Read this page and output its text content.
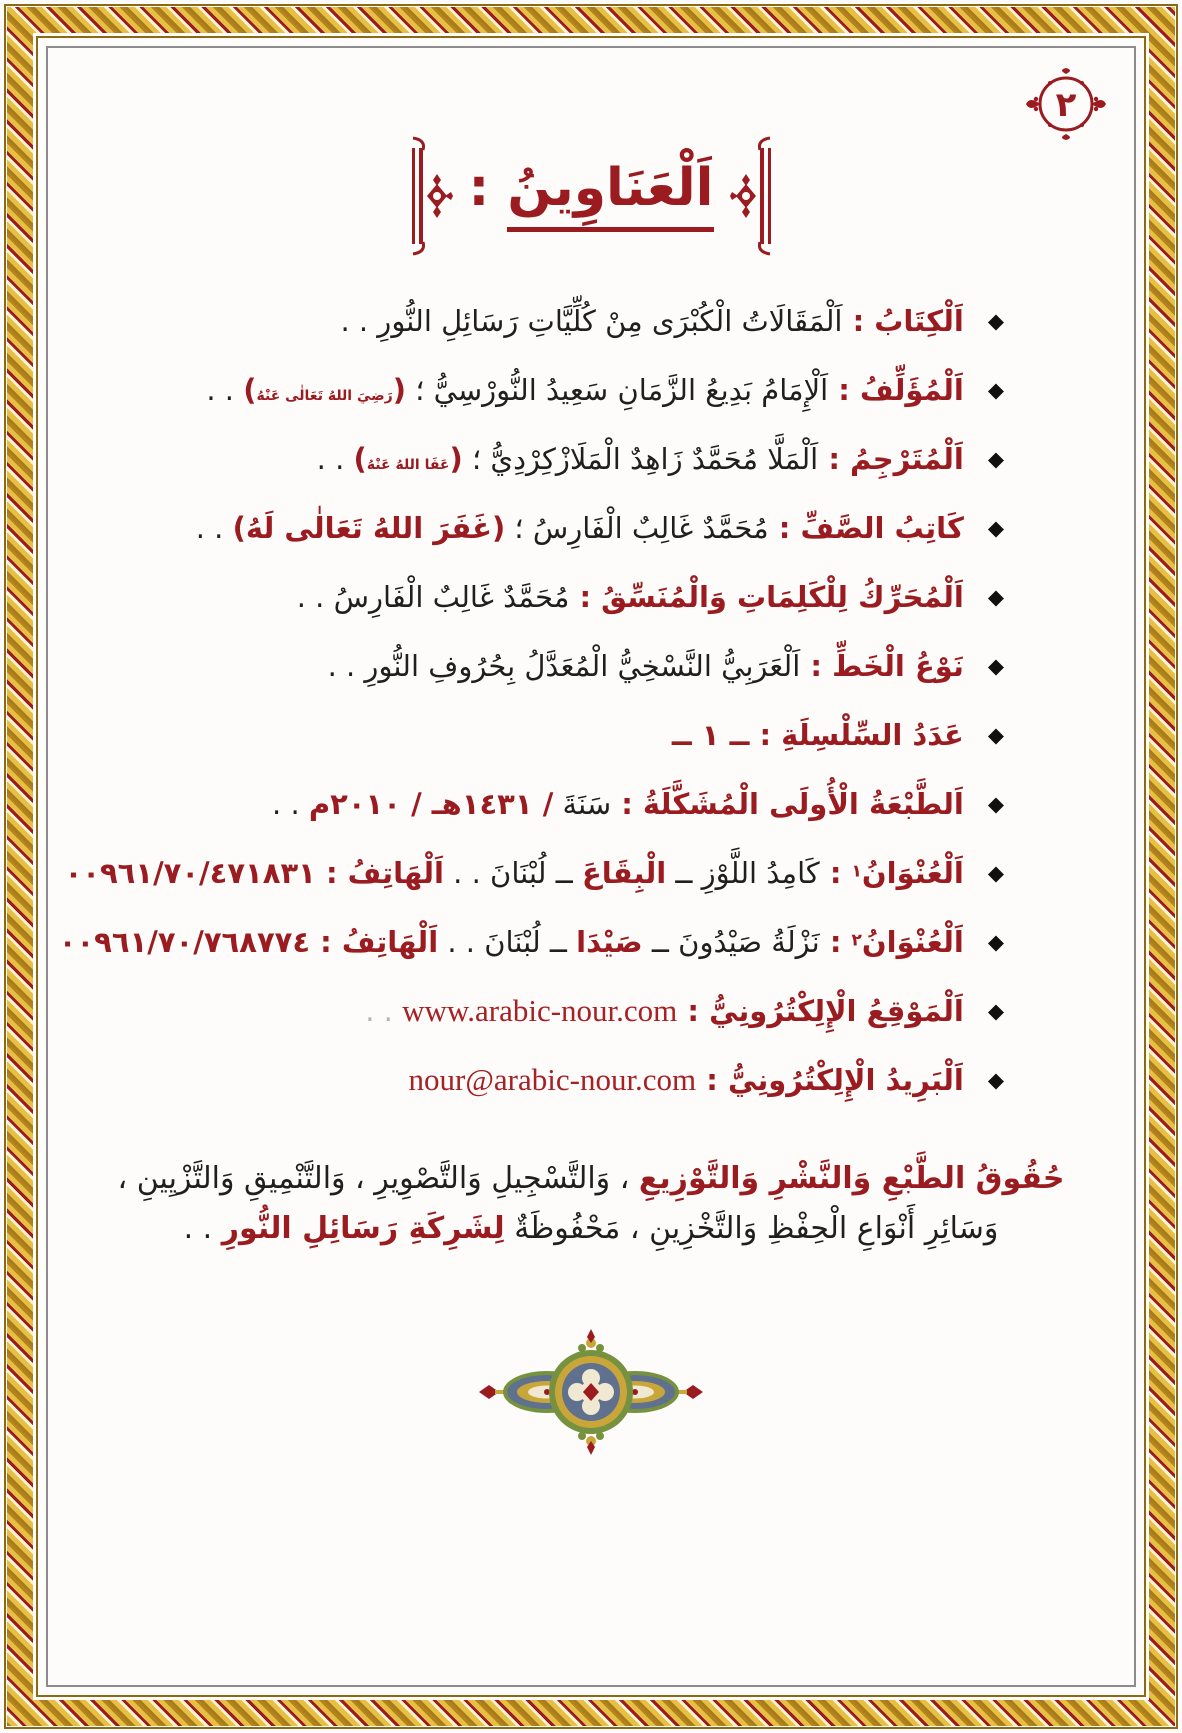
٢
اَلْعَنَاوِينُ :
◆
اَلْكِتَابُ : اَلْمَقَالَاتُ الْكُبْرَى مِنْ كُلِّيَّاتِ رَسَائِلِ النُّورِ . .
◆
اَلْمُؤَلِّفُ : اَلْإِمَامُ بَدِيعُ الزَّمَانِ سَعِيدُ النُّورْسِيُّ ؛ (رَضِيَ اللهُ تَعَالٰى عَنْهُ) . .
◆
اَلْمُتَرْجِمُ : اَلْمَلَّا مُحَمَّدٌ زَاهِدٌ الْمَلَازْكِرْدِيُّ ؛ (عَفَا اللهُ عَنْهُ) . .
◆
كَاتِبُ الصَّفِّ : مُحَمَّدٌ غَالِبٌ الْفَارِسُ ؛ (غَفَرَ اللهُ تَعَالٰى لَهُ) . .
◆
اَلْمُحَرِّكُ لِلْكَلِمَاتِ وَالْمُنَسِّقُ : مُحَمَّدٌ غَالِبٌ الْفَارِسُ . .
◆
نَوْعُ الْخَطِّ : اَلْعَرَبِيُّ النَّسْخِيُّ الْمُعَدَّلُ بِحُرُوفِ النُّورِ . .
◆
عَدَدُ السِّلْسِلَةِ : ــ ١ ــ
◆
اَلطَّبْعَةُ الْأُولَى الْمُشَكَّلَةُ : سَنَةَ / ١٤٣١هـ / ٢٠١٠م . .
◆
اَلْعُنْوَانُ١ : كَامِدُ اللَّوْزِ ــ الْبِقَاعَ ــ لُبْنَانَ . . اَلْهَاتِفُ : ٠٠٩٦١/٧٠/٤٧١٨٣١
◆
اَلْعُنْوَانُ٢ : نَزْلَةُ صَيْدُونَ ــ صَيْدَا ــ لُبْنَانَ . . اَلْهَاتِفُ : ٠٠٩٦١/٧٠/٧٦٨٧٧٤
◆
اَلْمَوْقِعُ الْإِلِكْتُرُونِيُّ : www.arabic-nour.com . .
◆
اَلْبَرِيدُ الْإِلِكْتُرُونِيُّ : nour@arabic-nour.com
حُقُوقُ الطَّبْعِ وَالنَّشْرِ وَالتَّوْزِيعِ ، وَالتَّسْجِيلِ وَالتَّصْوِيرِ ، وَالتَّنْمِيقِ وَالتَّزْيِينِ ، وَسَائِرِ أَنْوَاعِ الْحِفْظِ وَالتَّخْزِينِ ، مَحْفُوظَةٌ لِشَرِكَةِ رَسَائِلِ النُّورِ . .
